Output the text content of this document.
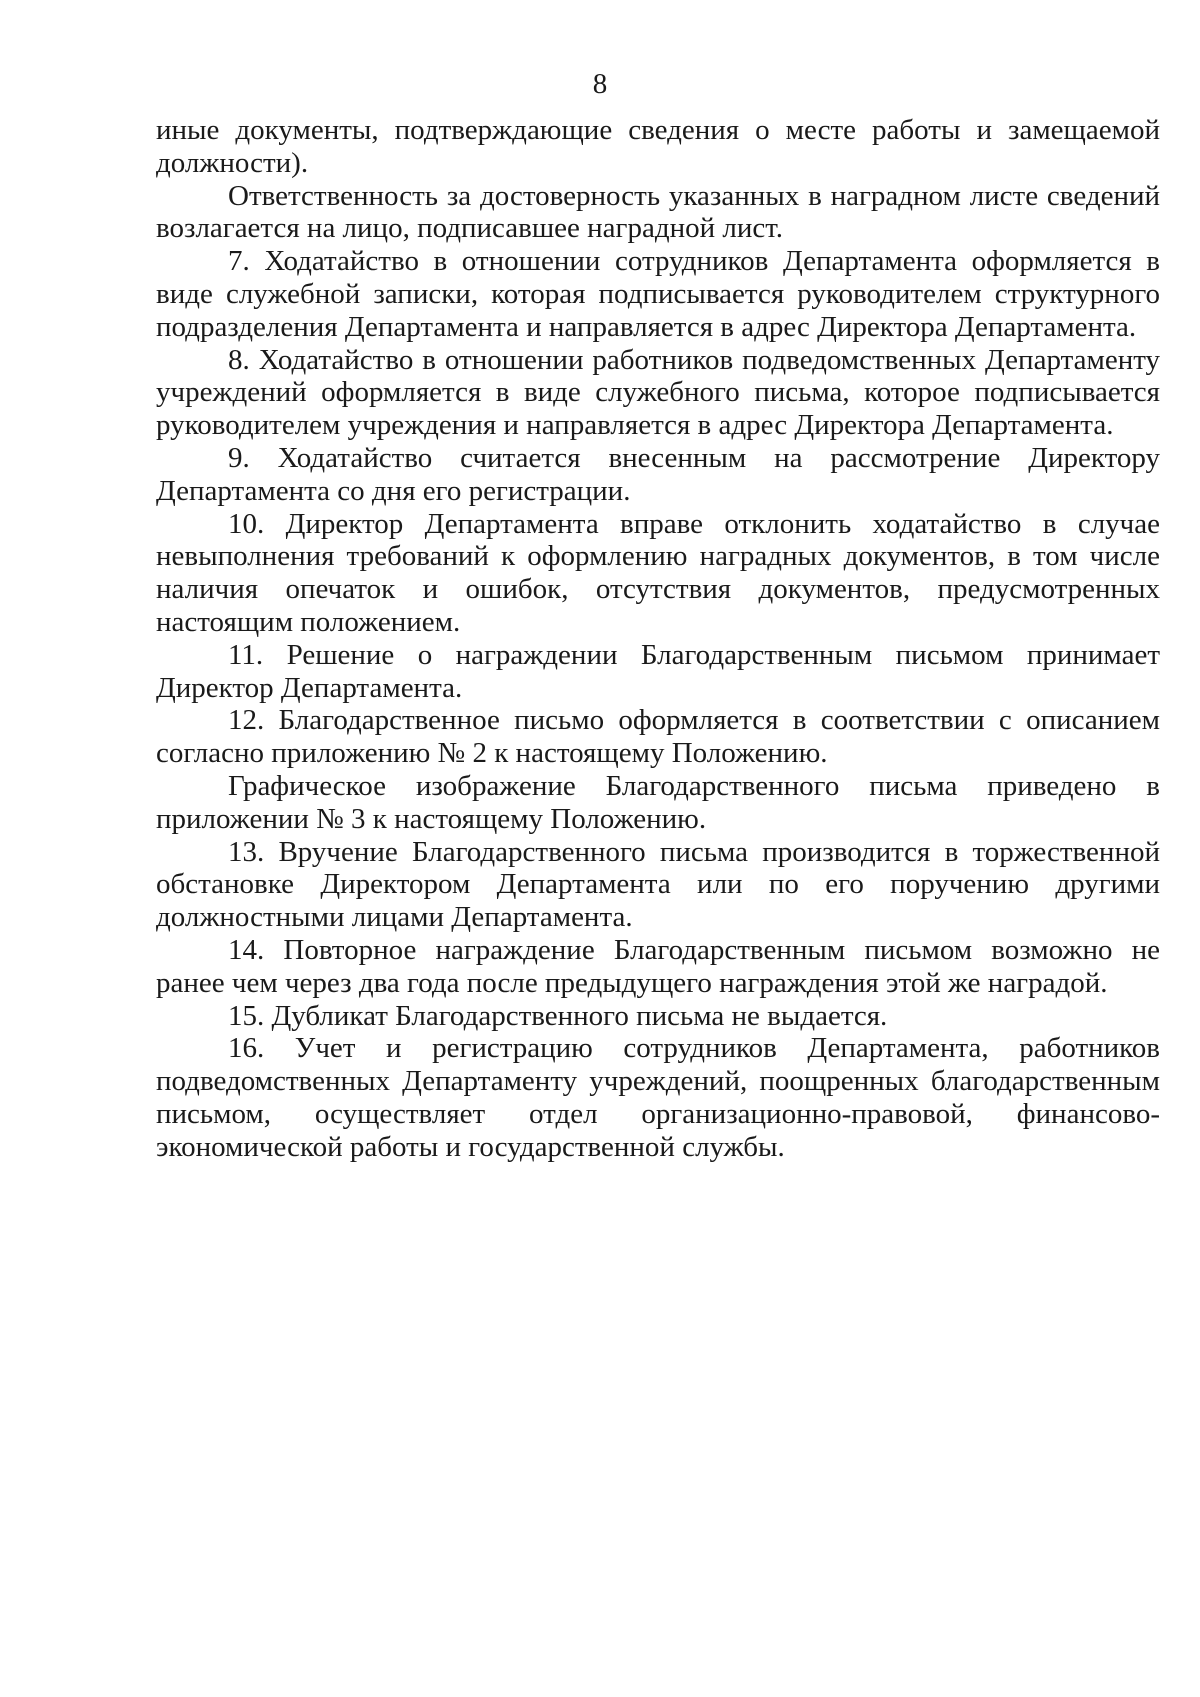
8

иные документы, подтверждающие сведения о месте работы и замещаемой должности).

Ответственность за достоверность указанных в наградном листе сведений возлагается на лицо, подписавшее наградной лист.

7. Ходатайство в отношении сотрудников Департамента оформляется в виде служебной записки, которая подписывается руководителем структурного подразделения Департамента и направляется в адрес Директора Департамента.

8. Ходатайство в отношении работников подведомственных Департаменту учреждений оформляется в виде служебного письма, которое подписывается руководителем учреждения и направляется в адрес Директора Департамента.

9. Ходатайство считается внесенным на рассмотрение Директору Департамента со дня его регистрации.

10. Директор Департамента вправе отклонить ходатайство в случае невыполнения требований к оформлению наградных документов, в том числе наличия опечаток и ошибок, отсутствия документов, предусмотренных настоящим положением.

11. Решение о награждении Благодарственным письмом принимает Директор Департамента.

12. Благодарственное письмо оформляется в соответствии с описанием согласно приложению № 2 к настоящему Положению.

Графическое изображение Благодарственного письма приведено в приложении № 3 к настоящему Положению.

13. Вручение Благодарственного письма производится в торжественной обстановке Директором Департамента или по его поручению другими должностными лицами Департамента.

14. Повторное награждение Благодарственным письмом возможно не ранее чем через два года после предыдущего награждения этой же наградой.

15. Дубликат Благодарственного письма не выдается.

16. Учет и регистрацию сотрудников Департамента, работников подведомственных Департаменту учреждений, поощренных благодарственным письмом, осуществляет отдел организационно-правовой, финансово-экономической работы и государственной службы.
